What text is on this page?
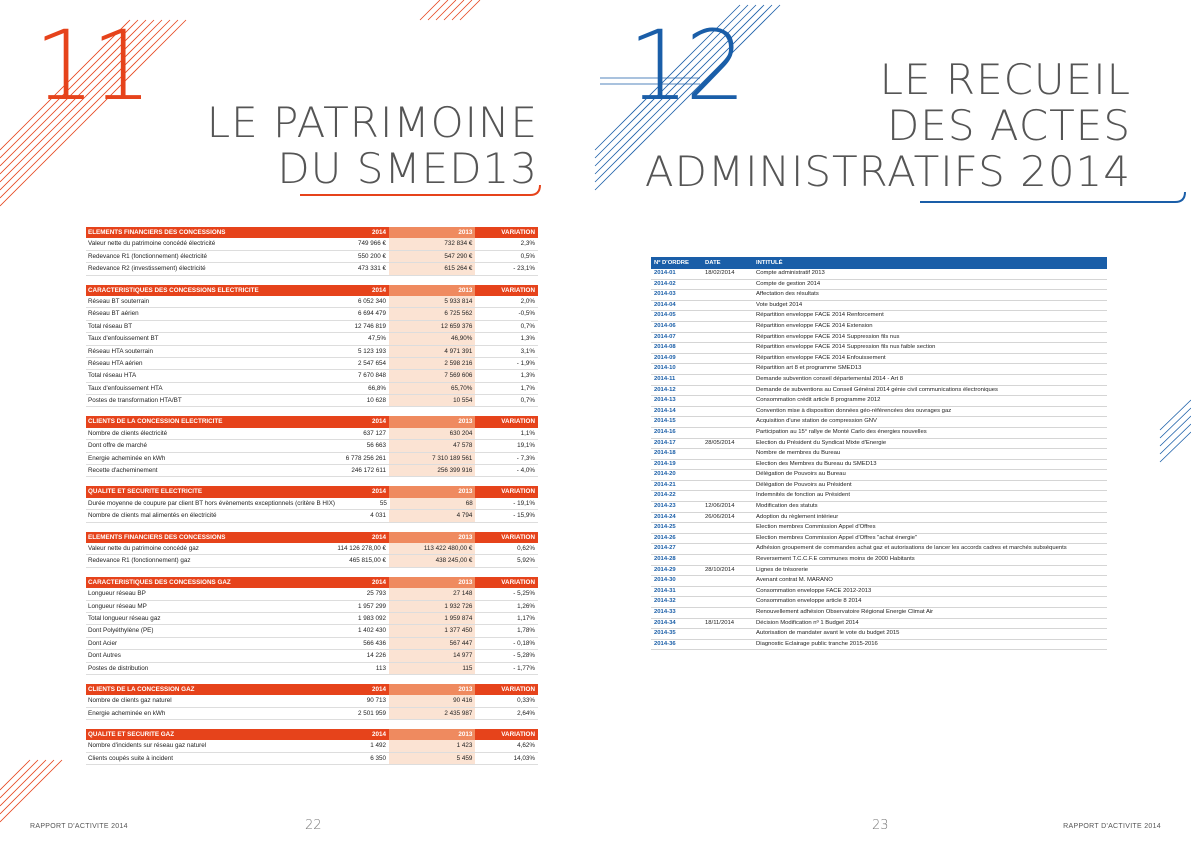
11
LE PATRIMOINE
DU SMED13
ELEMENTS FINANCIERS DES CONCESSIONS	2014	2013	VARIATION
Valeur nette du patrimoine concédé électricité	749 966 €	732 834 €	2,3%
Redevance R1 (fonctionnement) électricité	550 200 €	547 290 €	0,5%
Redevance R2 (investissement) électricité	473 331 €	615 264 €	- 23,1%
CARACTERISTIQUES DES CONCESSIONS ELECTRICITE	2014	2013	VARIATION
Réseau BT souterrain	6 052 340	5 933 814	2,0%
Réseau BT aérien	6 694 479	6 725 562	-0,5%
Total réseau BT	12 746 819	12 659 376	0,7%
Taux d'enfouissement BT	47,5%	46,90%	1,3%
Réseau HTA souterrain	5 123 193	4 971 391	3,1%
Réseau HTA aérien	2 547 654	2 598 216	- 1,9%
Total réseau HTA	7 670 848	7 569 606	1,3%
Taux d'enfouissement HTA	66,8%	65,70%	1,7%
Postes de transformation HTA/BT	10 628	10 554	0,7%
CLIENTS DE LA CONCESSION ELECTRICITE	2014	2013	VARIATION
Nombre de clients électricité	637 127	630 204	1,1%
Dont offre de marché	56 663	47 578	19,1%
Energie acheminée en kWh	6 778 256 261	7 310 189 561	- 7,3%
Recette d'acheminement	246 172 611	256 399 916	- 4,0%
QUALITE ET SECURITE ELECTRICITE	2014	2013	VARIATION
Durée moyenne de coupure par client BT hors évènements exceptionnels (critère B HIX)	55	68	- 19,1%
Nombre de clients mal alimentés en électricité	4 031	4 794	- 15,9%
ELEMENTS FINANCIERS DES CONCESSIONS	2014	2013	VARIATION
Valeur nette du patrimoine concédé gaz	114 126 278,00 €	113 422 480,00 €	0,62%
Redevance R1 (fonctionnement) gaz	465 815,00 €	438 245,00 €	5,92%
CARACTERISTIQUES DES CONCESSIONS GAZ	2014	2013	VARIATION
Longueur réseau BP	25 793	27 148	- 5,25%
Longueur réseau MP	1 957 299	1 932 726	1,26%
Total longueur réseau gaz	1 983 092	1 959 874	1,17%
Dont Polyéthylène (PE)	1 402 430	1 377 450	1,78%
Dont Acier	566 436	567 447	- 0,18%
Dont Autres	14 226	14 977	- 5,28%
Postes de distribution	113	115	- 1,77%
CLIENTS DE LA CONCESSION GAZ	2014	2013	VARIATION
Nombre de clients gaz naturel	90 713	90 416	0,33%
Energie acheminée en kWh	2 501 959	2 435 987	2,64%
QUALITE ET SECURITE GAZ	2014	2013	VARIATION
Nombre d'incidents sur réseau gaz naturel	1 492	1 423	4,62%
Clients coupés suite à incident	6 350	5 459	14,03%
RAPPORT D'ACTIVITE 2014	22
12	LE RECUEIL
DES ACTES
ADMINISTRATIFS 2014
Nº D'ORDRE	DATE	INTITULÉ
2014-01	18/02/2014	Compte administratif 2013
2014-02	Compte de gestion 2014
2014-03	Affectation des résultats
2014-04	Vote budget 2014
2014-05	Répartition enveloppe FACE 2014 Renforcement
2014-06	Répartition enveloppe FACE 2014 Extension
2014-07	Répartition enveloppe FACE 2014 Suppression fils nus
2014-08	Répartition enveloppe FACE 2014 Suppression fils nus faible section
2014-09	Répartition enveloppe FACE 2014 Enfouissement
2014-10	Répartition art 8 et programme SMED13
2014-11	Demande subvention conseil départemental 2014 - Art 8
2014-12	Demande de subventions au Conseil Général 2014 génie civil communications électroniques
2014-13	Consommation crédit article 8 programme 2012
2014-14	Convention mise à disposition données géo-référencées des ouvrages gaz
2014-15	Acquisition d'une station de compression GNV
2014-16	Participation au 15° rallye de Monté Carlo des énergies nouvelles
2014-17	28/05/2014	Election du Président du Syndicat Mixte d'Energie
2014-18	Nombre de membres du Bureau
2014-19	Election des Membres du Bureau du SMED13
2014-20	Délégation de Pouvoirs au Bureau
2014-21	Délégation de Pouvoirs au Président
2014-22	Indemnités de fonction au Président
2014-23	12/06/2014	Modification des statuts
2014-24	26/06/2014	Adoption du règlement intérieur
2014-25	Election membres Commission Appel d'Offres
2014-26	Election membres Commission Appel d'Offres "achat énergie"
2014-27	Adhésion groupement de commandes achat gaz et autorisations de lancer les accords cadres et marchés subséquents
2014-28	Reversement T.C.C.F.E communes moins de 2000 Habitants
2014-29	28/10/2014	Lignes de trésorerie
2014-30	Avenant contrat M. MARANO
2014-31	Consommation enveloppe FACE 2012-2013
2014-32	Consommation enveloppe article 8 2014
2014-33	Renouvellement adhésion Observatoire Régional Energie Climat Air
2014-34	18/11/2014	Décision Modification nº 1 Budget 2014
2014-35	Autorisation de mandater avant le vote du budget 2015
2014-36	Diagnostic Eclairage public tranche 2015-2016
23	RAPPORT D'ACTIVITE 2014
